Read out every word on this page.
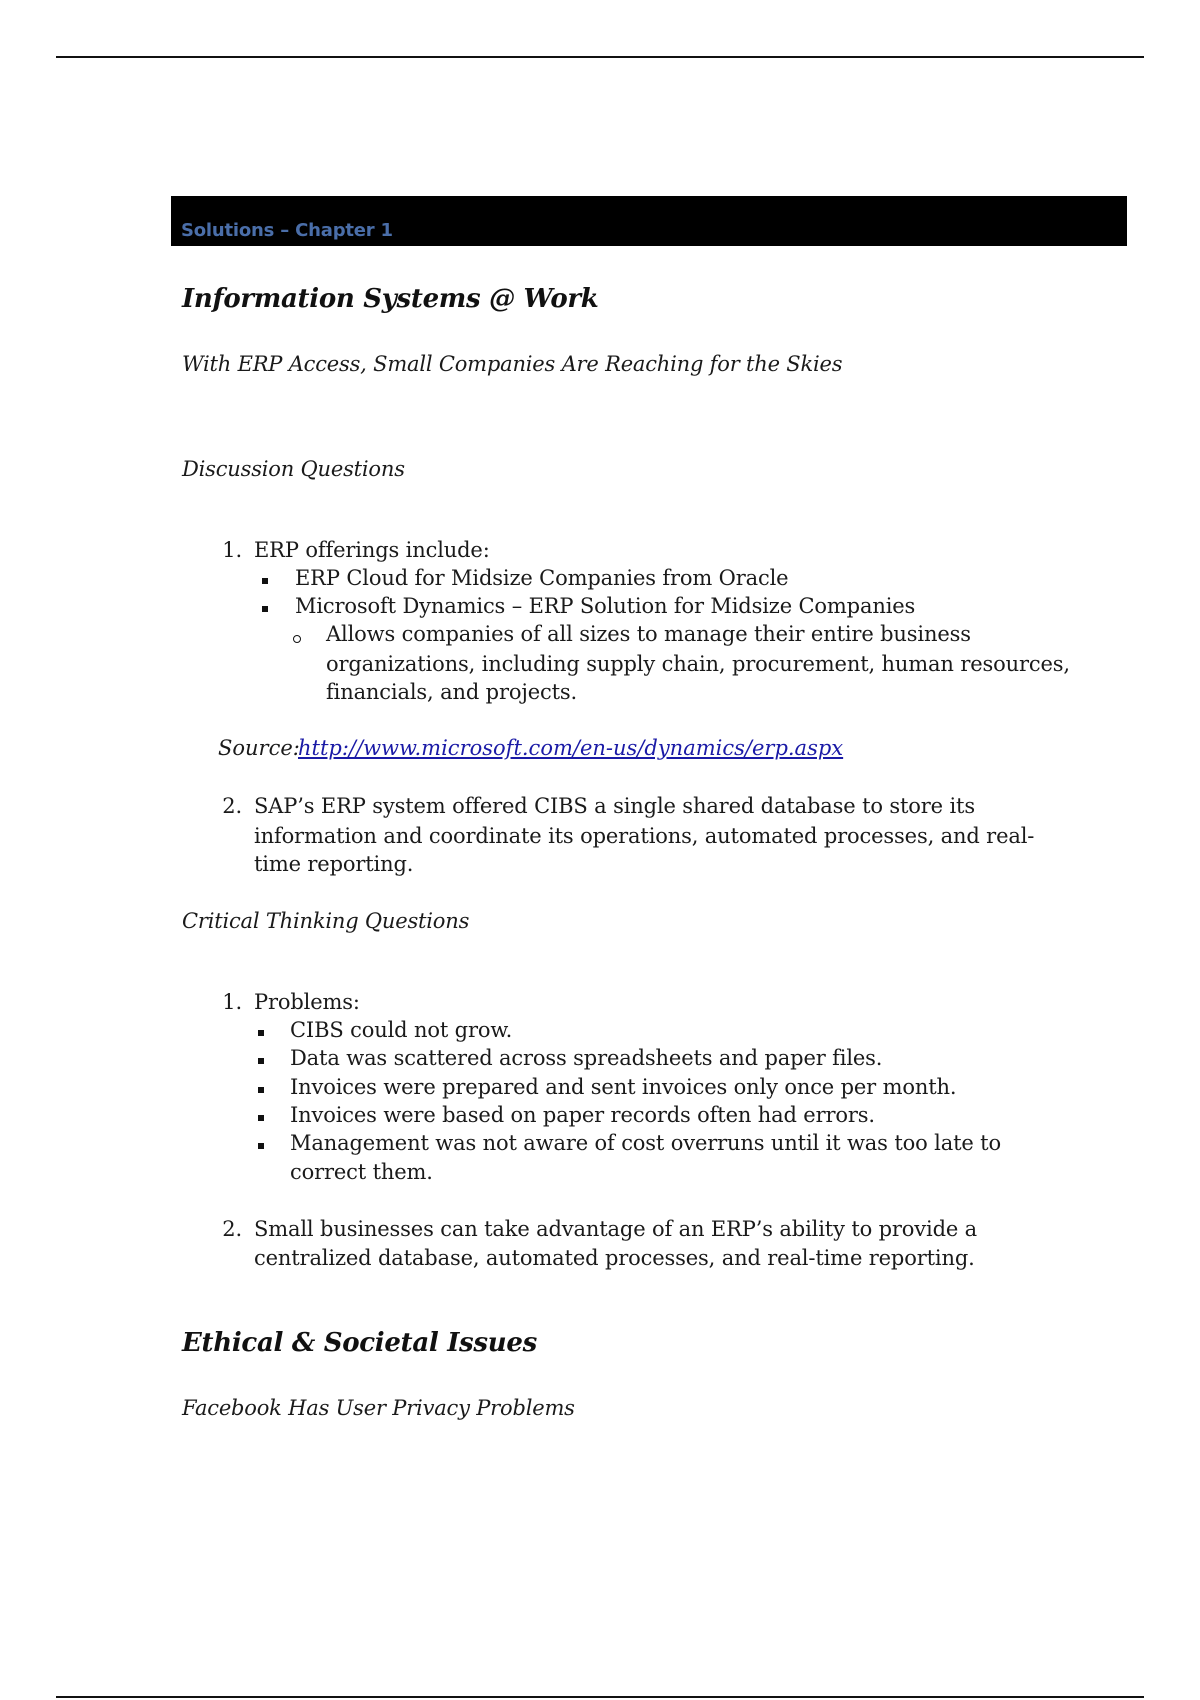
Solutions – Chapter 1
Information Systems @ Work
With ERP Access, Small Companies Are Reaching for the Skies
Discussion Questions
1. ERP offerings include:
ERP Cloud for Midsize Companies from Oracle
Microsoft Dynamics – ERP Solution for Midsize Companies
Allows companies of all sizes to manage their entire business
organizations, including supply chain, procurement, human resources,
financials, and projects.
Source:
http://www.microsoft.com/en-us/dynamics/erp.aspx
2. SAP’s ERP system offered CIBS a single shared database to store its
information and coordinate its operations, automated processes, and real-
time reporting.
Critical Thinking Questions
1. Problems:
CIBS could not grow.
Data was scattered across spreadsheets and paper files.
Invoices were prepared and sent invoices only once per month.
Invoices were based on paper records often had errors.
Management was not aware of cost overruns until it was too late to
correct them.
2. Small businesses can take advantage of an ERP’s ability to provide a
centralized database, automated processes, and real-time reporting.
Ethical & Societal Issues
Facebook Has User Privacy Problems
